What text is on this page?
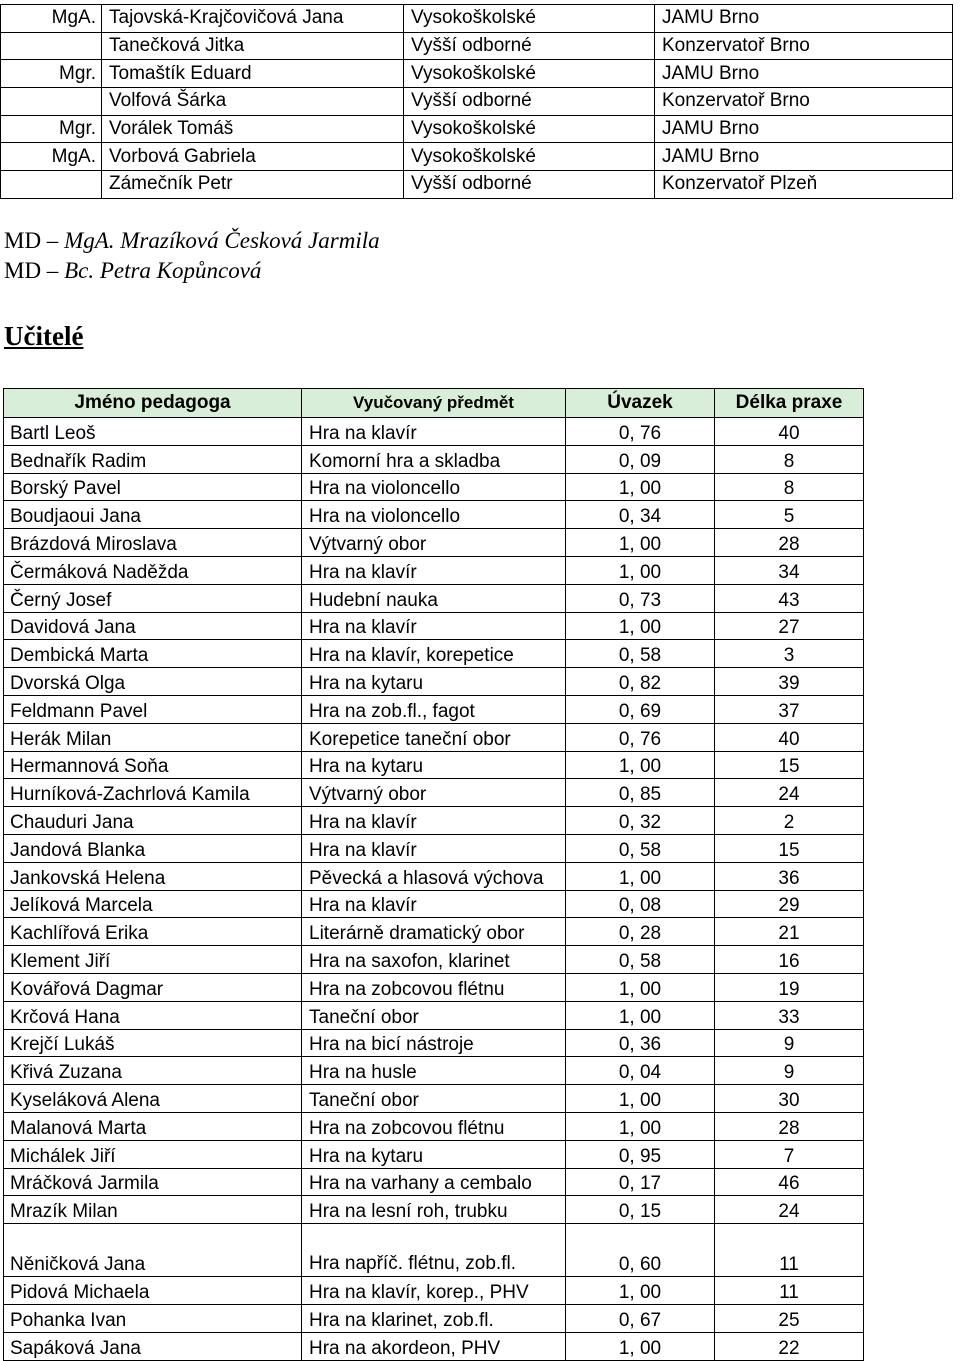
MgA.	Tajovská-Krajčovičová Jana	Vysokoškolské	JAMU Brno
	Tanečková Jitka	Vyšší odborné	Konzervatoř Brno
Mgr.	Tomaštík Eduard	Vysokoškolské	JAMU Brno
	Volfová Šárka	Vyšší odborné	Konzervatoř Brno
Mgr.	Vorálek Tomáš	Vysokoškolské	JAMU Brno
MgA.	Vorbová Gabriela	Vysokoškolské	JAMU Brno
	Zámečník Petr	Vyšší odborné	Konzervatoř Plzeň
MD – MgA. Mrazíková Česková Jarmila
MD – Bc. Petra Kopůncová
Učitelé
Jméno pedagoga	Vyučovaný předmět	Úvazek	Délka praxe
Bartl Leoš	Hra na klavír	0, 76	40
Bednařík Radim	Komorní hra a skladba	0, 09	8
Borský Pavel	Hra na violoncello	1, 00	8
Boudjaoui Jana	Hra na violoncello	0, 34	5
Brázdová Miroslava	Výtvarný obor	1, 00	28
Čermáková Naděžda	Hra na klavír	1, 00	34
Černý Josef	Hudební nauka	0, 73	43
Davidová Jana	Hra na klavír	1, 00	27
Dembická Marta	Hra na klavír, korepetice	0, 58	3
Dvorská Olga	Hra na kytaru	0, 82	39
Feldmann Pavel	Hra na zob.fl., fagot	0, 69	37
Herák Milan	Korepetice taneční obor	0, 76	40
Hermannová Soňa	Hra na kytaru	1, 00	15
Hurníková-Zachrlová Kamila	Výtvarný obor	0, 85	24
Chauduri Jana	Hra na klavír	0, 32	2
Jandová Blanka	Hra na klavír	0, 58	15
Jankovská Helena	Pěvecká a hlasová výchova	1, 00	36
Jelíková Marcela	Hra na klavír	0, 08	29
Kachlířová Erika	Literárně dramatický obor	0, 28	21
Klement Jiří	Hra na saxofon, klarinet	0, 58	16
Kovářová Dagmar	Hra na zobcovou flétnu	1, 00	19
Krčová Hana	Taneční obor	1, 00	33
Krejčí Lukáš	Hra na bicí nástroje	0, 36	9
Křivá Zuzana	Hra na husle	0, 04	9
Kyseláková Alena	Taneční obor	1, 00	30
Malanová Marta	Hra na zobcovou flétnu	1, 00	28
Michálek Jiří	Hra na kytaru	0, 95	7
Mráčková Jarmila	Hra na varhany a cembalo	0, 17	46
Mrazík Milan	Hra na lesní roh, trubku	0, 15	24
Něničková Jana	Hra napříč. flétnu, zob.fl.	0, 60	11
Pidová Michaela	Hra na klavír, korep., PHV	1, 00	11
Pohanka Ivan	Hra na klarinet, zob.fl.	0, 67	25
Sapáková Jana	Hra na akordeon, PHV	1, 00	22
